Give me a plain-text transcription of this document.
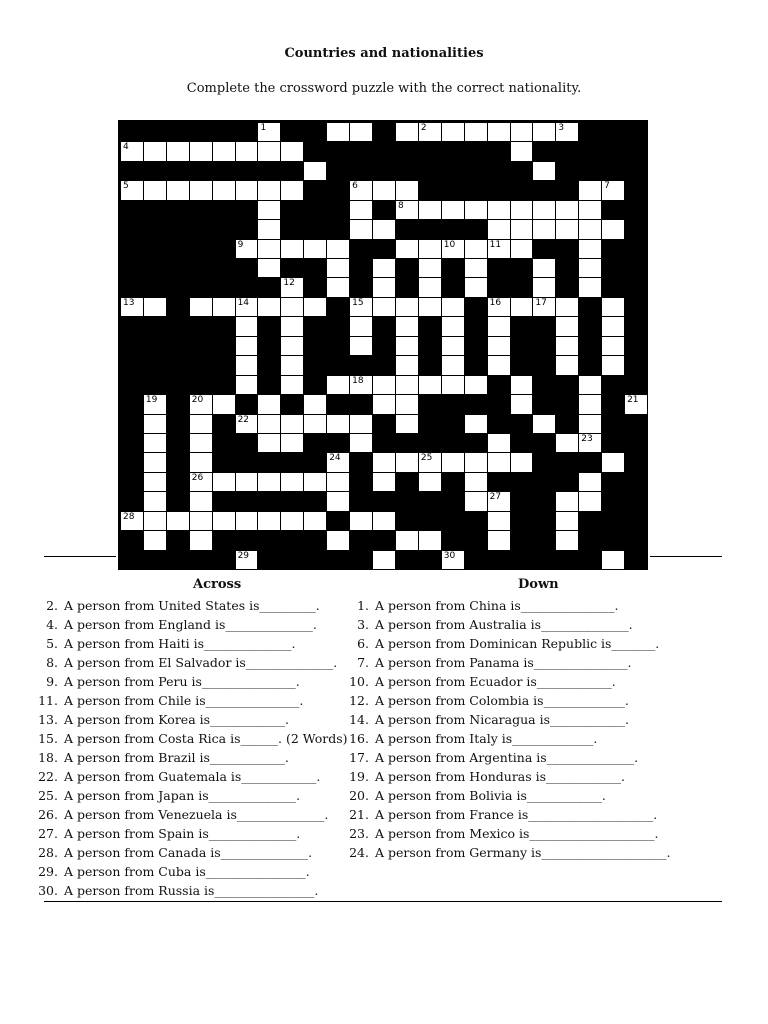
Countries and nationalities
Complete the crossword puzzle with the correct nationality.
1	2	3
4
5	6	7
8
9	10	11
12
13	14	15	16	17
18
19	20	21
22
23
24	25
26
27
28
29	30
Across	Down
2. A person from United States is_________.
4. A person from England is______________.
5. A person from Haiti is______________.
8. A person from El Salvador is______________.
9. A person from Peru is_______________.
11. A person from Chile is_______________.
13. A person from Korea is____________.
15. A person from Costa Rica is______. (2 Words)
18. A person from Brazil is____________.
22. A person from Guatemala is____________.
25. A person from Japan is______________.
26. A person from Venezuela is______________.
27. A person from Spain is______________.
28. A person from Canada is______________.
29. A person from Cuba is________________.
30. A person from Russia is________________.
1. A person from China is_______________.
3. A person from Australia is______________.
6. A person from Dominican Republic is_______.
7. A person from Panama is_______________.
10. A person from Ecuador is____________.
12. A person from Colombia is_____________.
14. A person from Nicaragua is____________.
16. A person from Italy is_____________.
17. A person from Argentina is______________.
19. A person from Honduras is____________.
20. A person from Bolivia is____________.
21. A person from France is____________________.
23. A person from Mexico is____________________.
24. A person from Germany is____________________.
